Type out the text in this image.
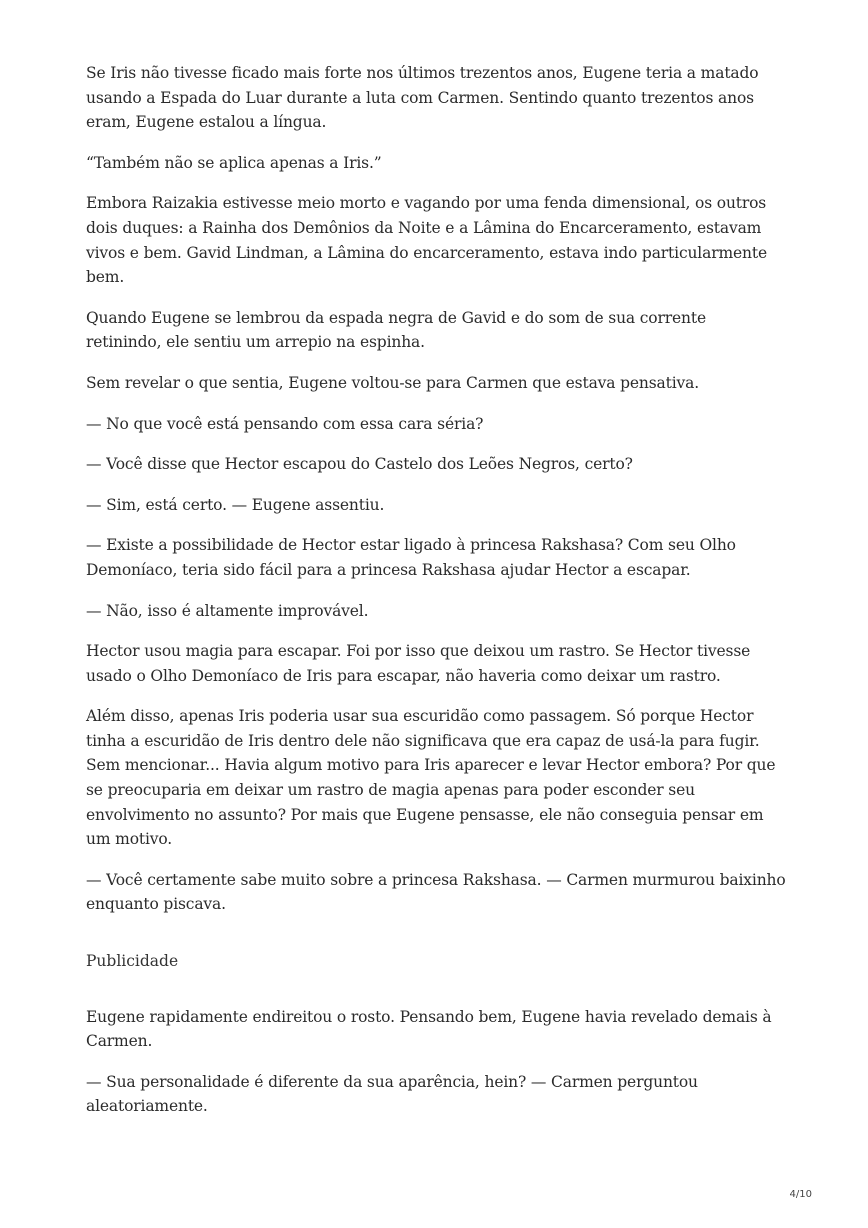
Se Iris não tivesse ficado mais forte nos últimos trezentos anos, Eugene teria a matado usando a Espada do Luar durante a luta com Carmen. Sentindo quanto trezentos anos eram, Eugene estalou a língua.

“Também não se aplica apenas a Iris.”

Embora Raizakia estivesse meio morto e vagando por uma fenda dimensional, os outros dois duques: a Rainha dos Demônios da Noite e a Lâmina do Encarceramento, estavam vivos e bem. Gavid Lindman, a Lâmina do encarceramento, estava indo particularmente bem.

Quando Eugene se lembrou da espada negra de Gavid e do som de sua corrente retinindo, ele sentiu um arrepio na espinha.

Sem revelar o que sentia, Eugene voltou-se para Carmen que estava pensativa.

— No que você está pensando com essa cara séria?

— Você disse que Hector escapou do Castelo dos Leões Negros, certo?

— Sim, está certo. — Eugene assentiu.

— Existe a possibilidade de Hector estar ligado à princesa Rakshasa? Com seu Olho Demoníaco, teria sido fácil para a princesa Rakshasa ajudar Hector a escapar.

— Não, isso é altamente improvável.

Hector usou magia para escapar. Foi por isso que deixou um rastro. Se Hector tivesse usado o Olho Demoníaco de Iris para escapar, não haveria como deixar um rastro.

Além disso, apenas Iris poderia usar sua escuridão como passagem. Só porque Hector tinha a escuridão de Iris dentro dele não significava que era capaz de usá-la para fugir. Sem mencionar... Havia algum motivo para Iris aparecer e levar Hector embora? Por que se preocuparia em deixar um rastro de magia apenas para poder esconder seu envolvimento no assunto? Por mais que Eugene pensasse, ele não conseguia pensar em um motivo.

— Você certamente sabe muito sobre a princesa Rakshasa. — Carmen murmurou baixinho enquanto piscava.

Publicidade

Eugene rapidamente endireitou o rosto. Pensando bem, Eugene havia revelado demais à Carmen.

— Sua personalidade é diferente da sua aparência, hein? — Carmen perguntou aleatoriamente.

4/10
